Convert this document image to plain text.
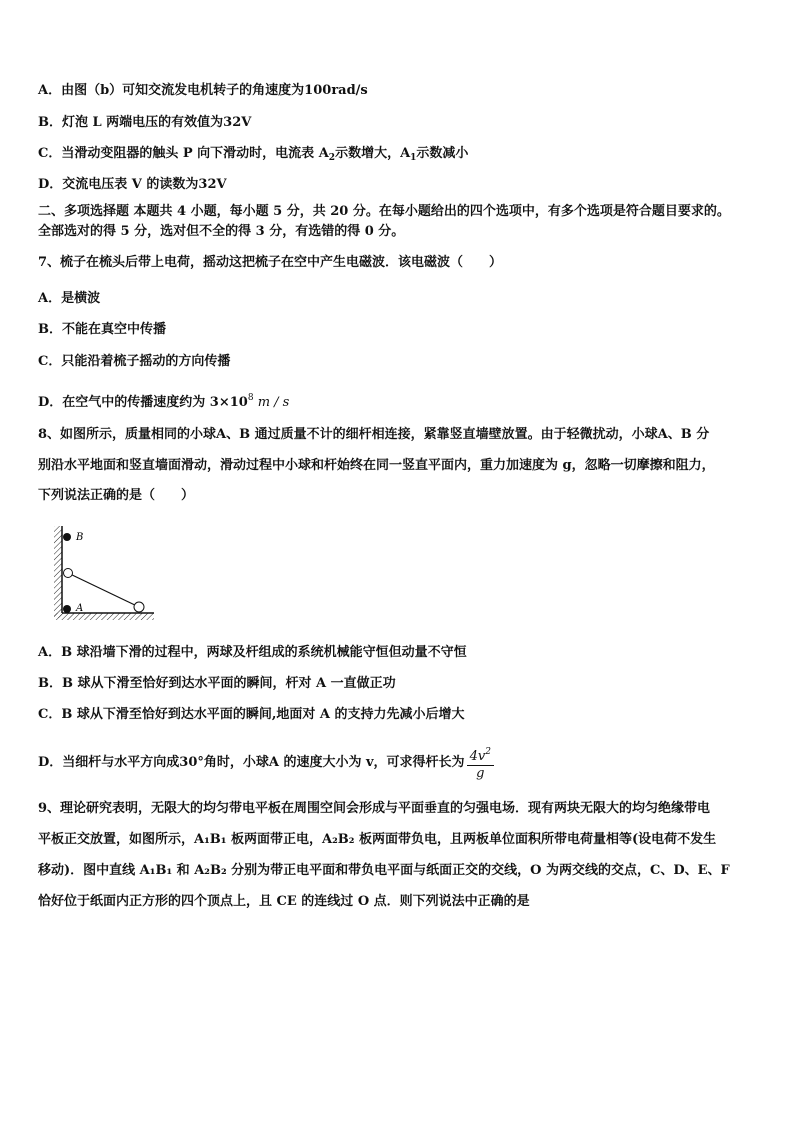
A．由图（b）可知交流发电机转子的角速度为100rad/s
B．灯泡 L 两端电压的有效值为32V
C．当滑动变阻器的触头 P 向下滑动时，电流表 $A_2$示数增大，$A_1$示数减小
D．交流电压表 V 的读数为32V
二、多项选择题 本题共 4 小题，每小题 5 分，共 20 分。在每小题给出的四个选项中，有多个选项是符合题目要求的。
全部选对的得 5 分，选对但不全的得 3 分，有选错的得 0 分。
7、梳子在梳头后带上电荷，摇动这把梳子在空中产生电磁波．该电磁波（　　）
A．是横波
B．不能在真空中传播
C．只能沿着梳子摇动的方向传播
D．在空气中的传播速度约为 $3\times 10^8$ m / s
8、如图所示，质量相同的小球A、B 通过质量不计的细杆相连接，紧靠竖直墙壁放置。由于轻微扰动，小球A、B 分
别沿水平地面和竖直墙面滑动，滑动过程中小球和杆始终在同一竖直平面内，重力加速度为 g，忽略一切摩擦和阻力，
下列说法正确的是（　　）
B
A
A．B 球沿墙下滑的过程中，两球及杆组成的系统机械能守恒但动量不守恒
B．B 球从下滑至恰好到达水平面的瞬间，杆对 A 一直做正功
C．B 球从下滑至恰好到达水平面的瞬间,地面对 A 的支持力先减小后增大
D．当细杆与水平方向成30°角时，小球A 的速度大小为 v，可求得杆长为 $\frac{4v^2}{g}$
9、理论研究表明，无限大的均匀带电平板在周围空间会形成与平面垂直的匀强电场．现有两块无限大的均匀绝缘带电
平板正交放置，如图所示，A₁B₁ 板两面带正电，A₂B₂ 板两面带负电，且两板单位面积所带电荷量相等(设电荷不发生
移动)．图中直线 A₁B₁ 和 A₂B₂ 分别为带正电平面和带负电平面与纸面正交的交线，O 为两交线的交点，C、D、E、F
恰好位于纸面内正方形的四个顶点上，且 CE 的连线过 O 点．则下列说法中正确的是
